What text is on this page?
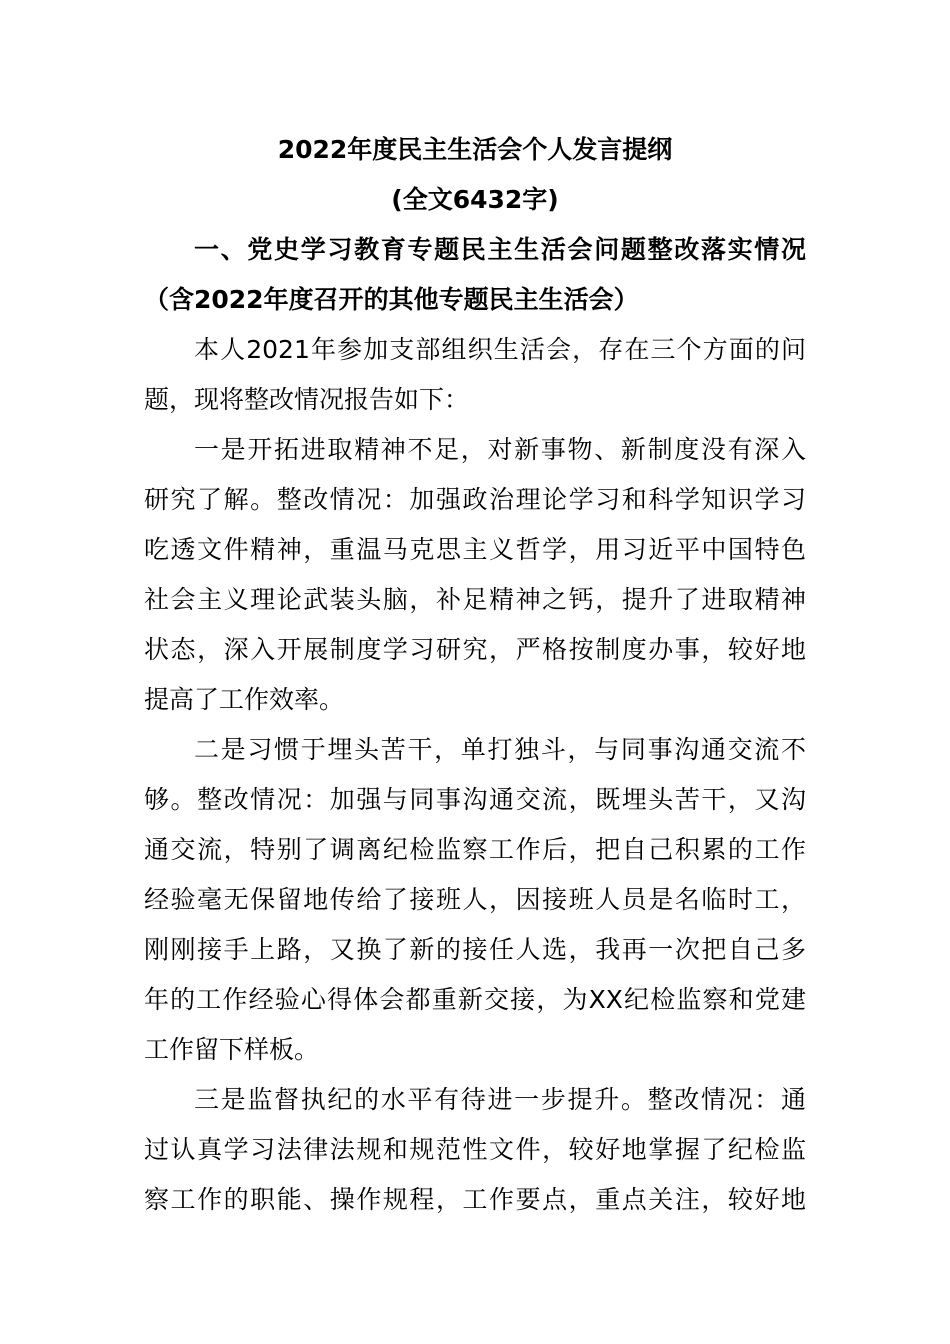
2022年度民主生活会个人发言提纲
(全文6432字)
一、党史学习教育专题民主生活会问题整改落实情况
（含2022年度召开的其他专题民主生活会）
本人2021年参加支部组织生活会，存在三个方面的问
题，现将整改情况报告如下：
一是开拓进取精神不足，对新事物、新制度没有深入
研究了解。整改情况：加强政治理论学习和科学知识学习
吃透文件精神，重温马克思主义哲学，用习近平中国特色
社会主义理论武装头脑，补足精神之钙，提升了进取精神
状态，深入开展制度学习研究，严格按制度办事，较好地
提高了工作效率。
二是习惯于埋头苦干，单打独斗，与同事沟通交流不
够。整改情况：加强与同事沟通交流，既埋头苦干，又沟
通交流，特别了调离纪检监察工作后，把自己积累的工作
经验毫无保留地传给了接班人，因接班人员是名临时工，
刚刚接手上路，又换了新的接任人选，我再一次把自己多
年的工作经验心得体会都重新交接，为XX纪检监察和党建
工作留下样板。
三是监督执纪的水平有待进一步提升。整改情况：通
过认真学习法律法规和规范性文件，较好地掌握了纪检监
察工作的职能、操作规程，工作要点，重点关注，较好地
